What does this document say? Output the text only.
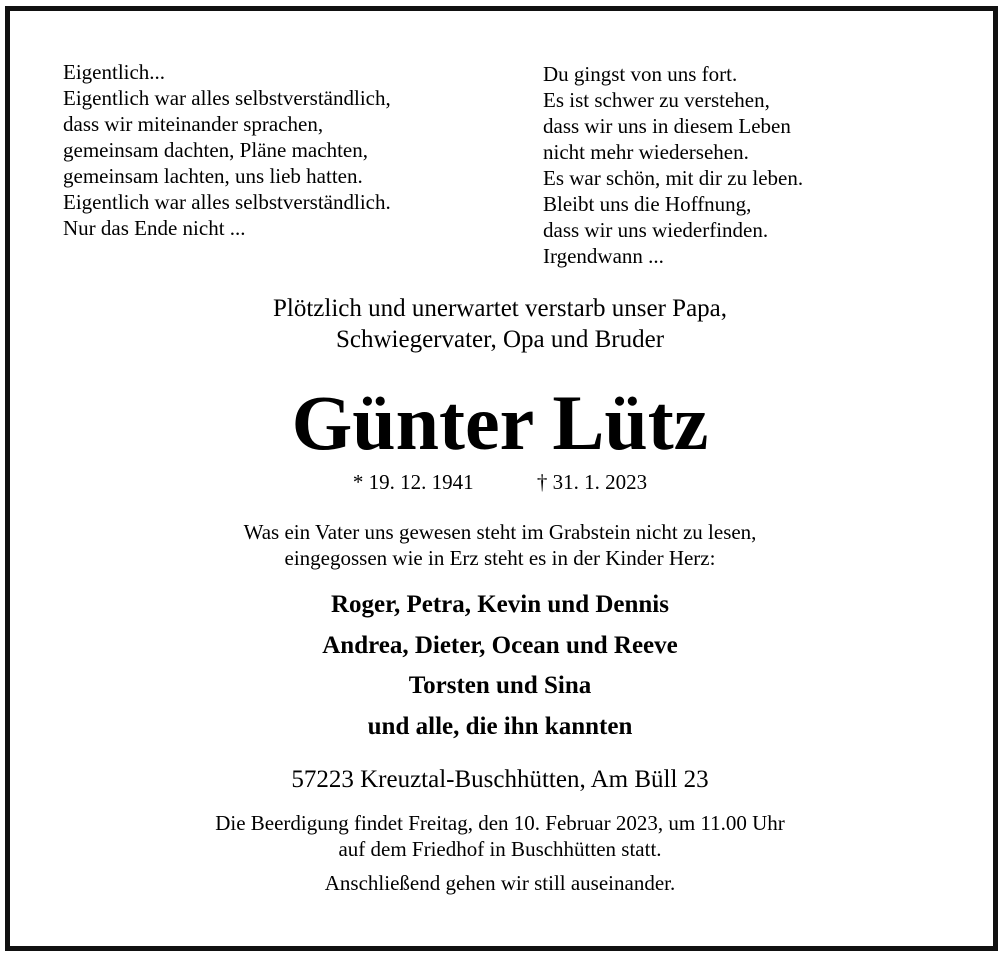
Eigentlich...
Eigentlich war alles selbstverständlich,
dass wir miteinander sprachen,
gemeinsam dachten, Pläne machten,
gemeinsam lachten, uns lieb hatten.
Eigentlich war alles selbstverständlich.
Nur das Ende nicht ...
Du gingst von uns fort.
Es ist schwer zu verstehen,
dass wir uns in diesem Leben
nicht mehr wiedersehen.
Es war schön, mit dir zu leben.
Bleibt uns die Hoffnung,
dass wir uns wiederfinden.
Irgendwann ...
Plötzlich und unerwartet verstarb unser Papa,
Schwiegervater, Opa und Bruder
Günter Lütz
* 19. 12. 1941	† 31. 1. 2023
Was ein Vater uns gewesen steht im Grabstein nicht zu lesen,
eingegossen wie in Erz steht es in der Kinder Herz:
Roger, Petra, Kevin und Dennis
Andrea, Dieter, Ocean und Reeve
Torsten und Sina
und alle, die ihn kannten
57223 Kreuztal-Buschhütten, Am Büll 23
Die Beerdigung findet Freitag, den 10. Februar 2023, um 11.00 Uhr
auf dem Friedhof in Buschhütten statt.
Anschließend gehen wir still auseinander.
